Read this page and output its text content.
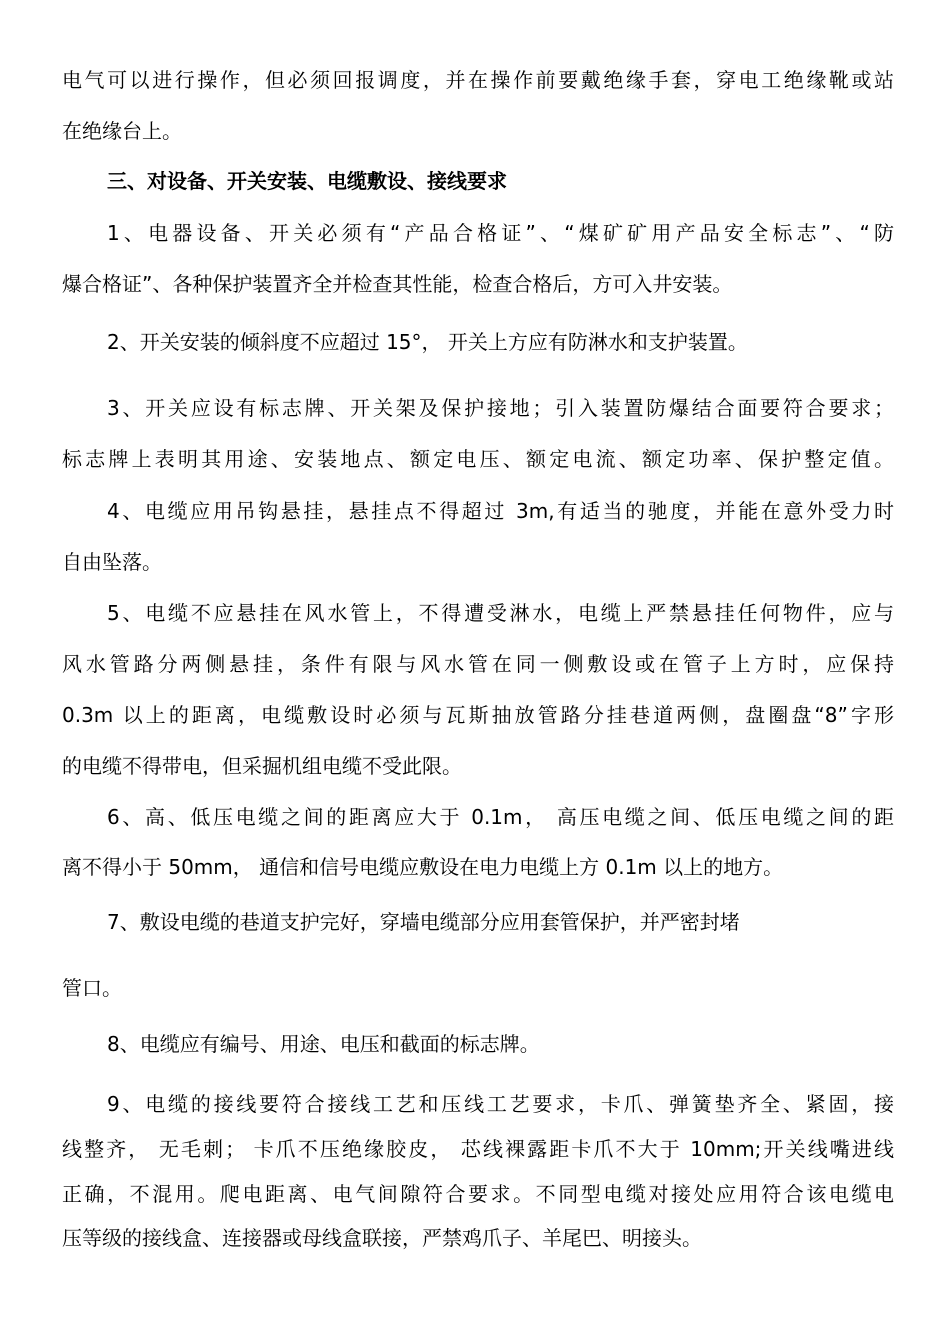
电气可以进行操作，但必须回报调度，并在操作前要戴绝缘手套，穿电工绝缘靴或站
在绝缘台上。
三、对设备、开关安装、电缆敷设、接线要求
1、电器设备、开关必须有“产品合格证”、“煤矿矿用产品安全标志”、“防
爆合格证”、各种保护装置齐全并检查其性能，检查合格后，方可入井安装。
2、开关安装的倾斜度不应超过 15°， 开关上方应有防淋水和支护装置。
3、开关应设有标志牌、开关架及保护接地；引入装置防爆结合面要符合要求；
标志牌上表明其用途、安装地点、额定电压、额定电流、额定功率、保护整定值。
4、电缆应用吊钩悬挂，悬挂点不得超过 3m,有适当的驰度，并能在意外受力时
自由坠落。
5、电缆不应悬挂在风水管上，不得遭受淋水，电缆上严禁悬挂任何物件，应与
风水管路分两侧悬挂，条件有限与风水管在同一侧敷设或在管子上方时，应保持
0.3m 以上的距离，电缆敷设时必须与瓦斯抽放管路分挂巷道两侧，盘圈盘“8”字形
的电缆不得带电，但采掘机组电缆不受此限。
6、高、低压电缆之间的距离应大于 0.1m， 高压电缆之间、低压电缆之间的距
离不得小于 50mm， 通信和信号电缆应敷设在电力电缆上方 0.1m 以上的地方。
7、敷设电缆的巷道支护完好，穿墙电缆部分应用套管保护，并严密封堵
管口。
8、电缆应有编号、用途、电压和截面的标志牌。
9、电缆的接线要符合接线工艺和压线工艺要求，卡爪、弹簧垫齐全、紧固，接
线整齐， 无毛刺； 卡爪不压绝缘胶皮， 芯线裸露距卡爪不大于 10mm;开关线嘴进线
正确，不混用。爬电距离、电气间隙符合要求。不同型电缆对接处应用符合该电缆电
压等级的接线盒、连接器或母线盒联接，严禁鸡爪子、羊尾巴、明接头。
